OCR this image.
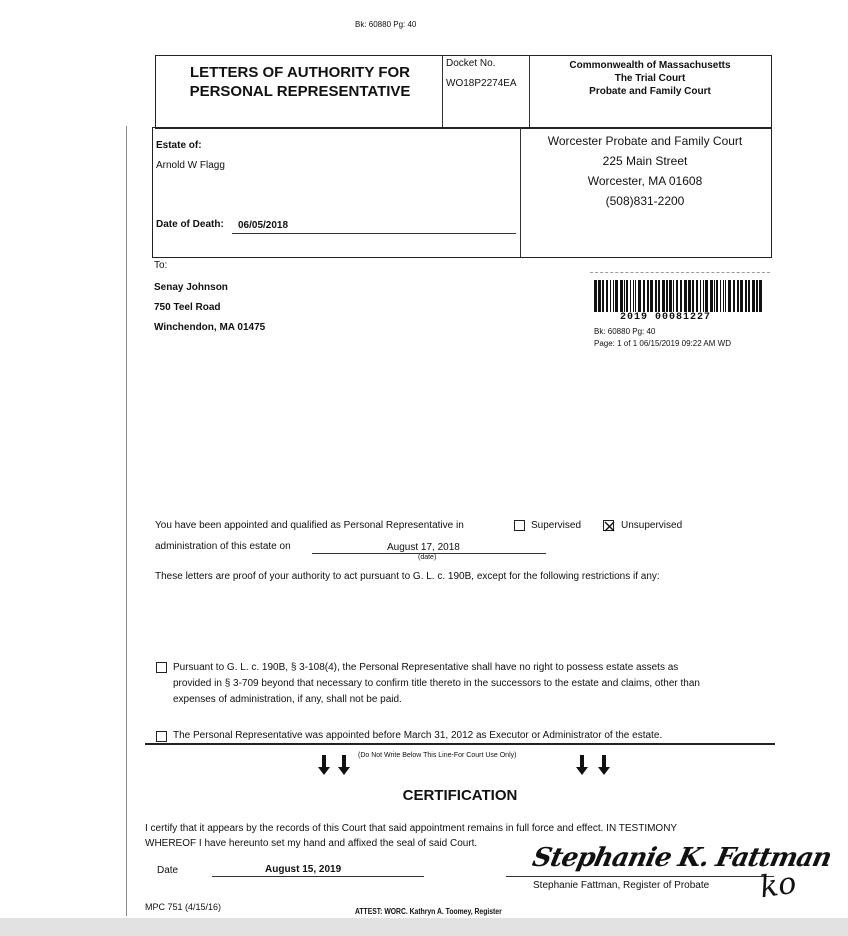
Bk: 60880 Pg: 40
LETTERS OF AUTHORITY FOR PERSONAL REPRESENTATIVE
Docket No.
WO18P2274EA
Commonwealth of Massachusetts
The Trial Court
Probate and Family Court
Estate of:
Arnold W Flagg
Date of Death: 06/05/2018
Worcester Probate and Family Court
225 Main Street
Worcester, MA 01608
(508)831-2200
To:
Senay Johnson
750 Teel Road
Winchendon, MA 01475
2019 00081227
Bk: 60880 Pg: 40
Page: 1 of 1 06/15/2019 09:22 AM WD
You have been appointed and qualified as Personal Representative in	Supervised	Unsupervised
administration of this estate on	August 17, 2018
(date)
These letters are proof of your authority to act pursuant to G. L. c. 190B, except for the following restrictions if any:
Pursuant to G. L. c. 190B, § 3-108(4), the Personal Representative shall have no right to possess estate assets as
provided in § 3-709 beyond that necessary to confirm title thereto in the successors to the estate and claims, other than
expenses of administration, if any, shall not be paid.
The Personal Representative was appointed before March 31, 2012 as Executor or Administrator of the estate.
(Do Not Write Below This Line-For Court Use Only)
CERTIFICATION
I certify that it appears by the records of this Court that said appointment remains in full force and effect. IN TESTIMONY
WHEREOF I have hereunto set my hand and affixed the seal of said Court.
Date	August 15, 2019	Stephanie K. Fattman
Stephanie Fattman, Register of Probate
MPC 751 (4/15/16)	ATTEST: WORC. Kathryn A. Toomey, Register
ko
